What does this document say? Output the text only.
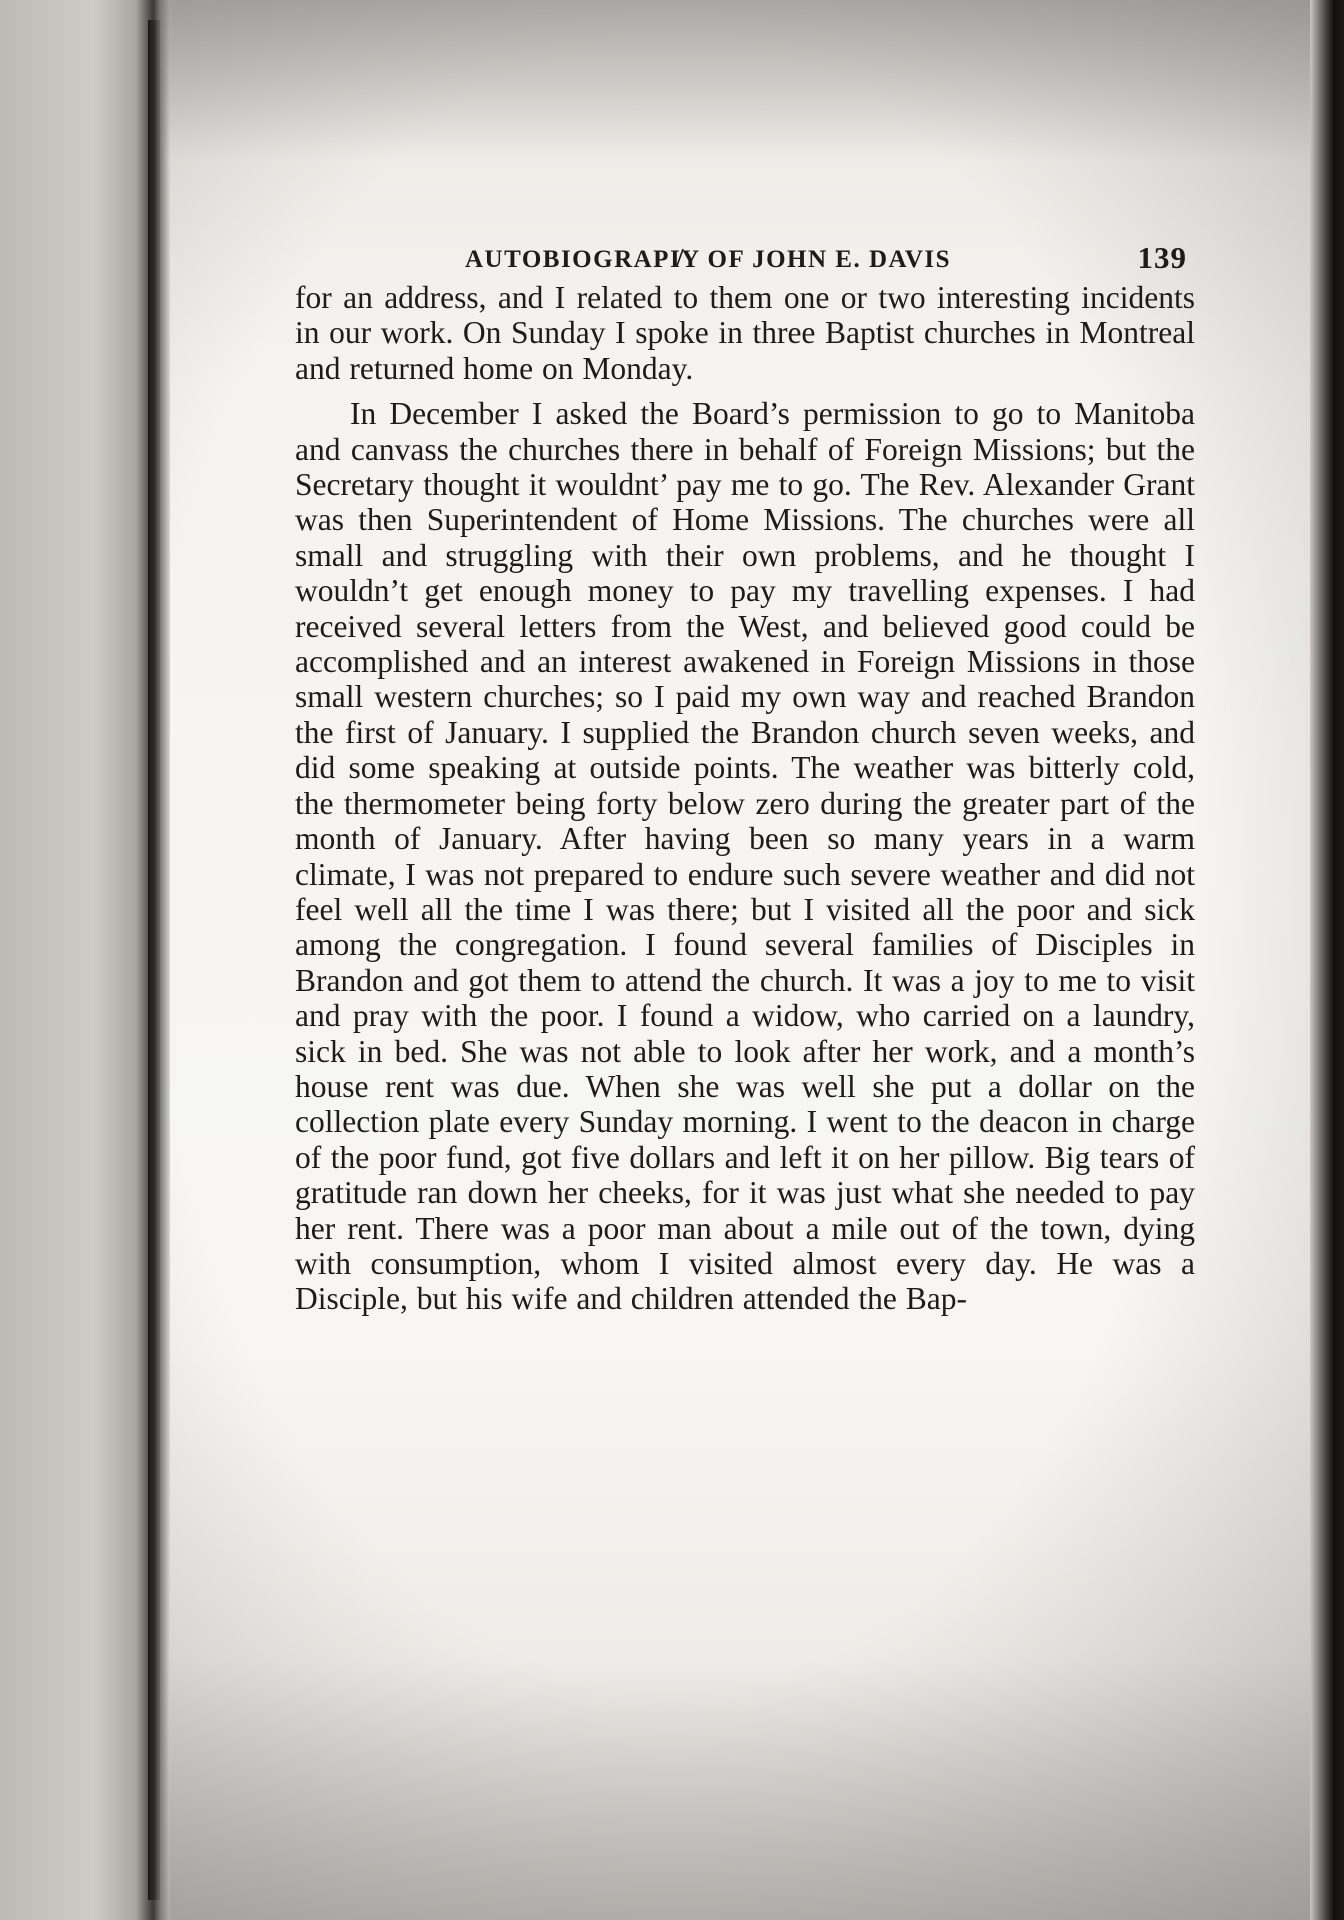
AUTOBIOGRAPI̸Y OF JOHN E. DAVIS	139

for an address, and I related to them one or two interesting incidents in our work. On Sunday I spoke in three Baptist churches in Montreal and returned home on Monday.

In December I asked the Board’s permission to go to Manitoba and canvass the churches there in behalf of Foreign Missions; but the Secretary thought it wouldnt’ pay me to go. The Rev. Alexander Grant was then Superintendent of Home Missions. The churches were all small and struggling with their own problems, and he thought I wouldn’t get enough money to pay my travelling expenses. I had received several letters from the West, and believed good could be accomplished and an interest awakened in Foreign Missions in those small western churches; so I paid my own way and reached Brandon the first of January. I supplied the Brandon church seven weeks, and did some speaking at outside points. The weather was bitterly cold, the thermometer being forty below zero during the greater part of the month of January. After having been so many years in a warm climate, I was not prepared to endure such severe weather and did not feel well all the time I was there; but I visited all the poor and sick among the congregation. I found several families of Disciples in Brandon and got them to attend the church. It was a joy to me to visit and pray with the poor. I found a widow, who carried on a laundry, sick in bed. She was not able to look after her work, and a month’s house rent was due. When she was well she put a dollar on the collection plate every Sunday morning. I went to the deacon in charge of the poor fund, got five dollars and left it on her pillow. Big tears of gratitude ran down her cheeks, for it was just what she needed to pay her rent. There was a poor man about a mile out of the town, dying with consumption, whom I visited almost every day. He was a Disciple, but his wife and children attended the Bap-
